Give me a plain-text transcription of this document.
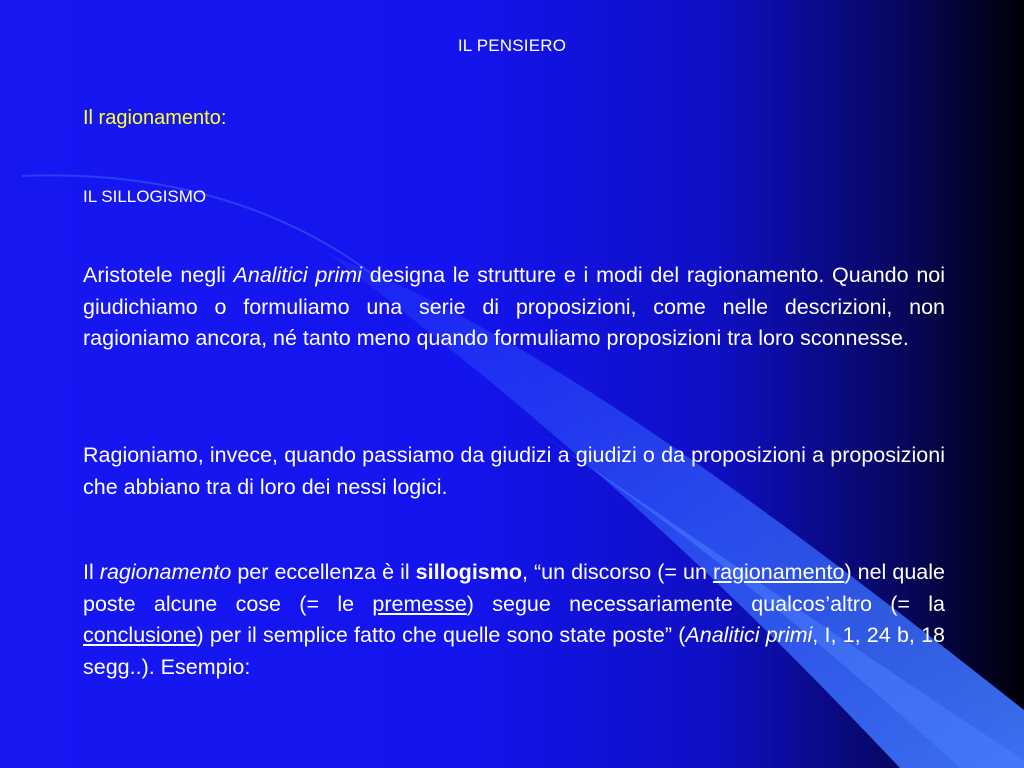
IL PENSIERO
Il ragionamento:
IL SILLOGISMO
Aristotele negli Analitici primi designa le strutture e i modi del ragionamento. Quando noi giudichiamo o formuliamo una serie di proposizioni, come nelle descrizioni, non ragioniamo ancora, né tanto meno quando formuliamo proposizioni tra loro sconnesse.
Ragioniamo, invece, quando passiamo da giudizi a giudizi o da proposizioni a proposizioni che abbiano tra di loro dei nessi logici.
Il ragionamento per eccellenza è il sillogismo, “un discorso (= un ragionamento) nel quale poste alcune cose (= le premesse) segue necessariamente qualcos’altro (= la conclusione) per il semplice fatto che quelle sono state poste” (Analitici primi, I, 1, 24 b, 18 segg..). Esempio:
